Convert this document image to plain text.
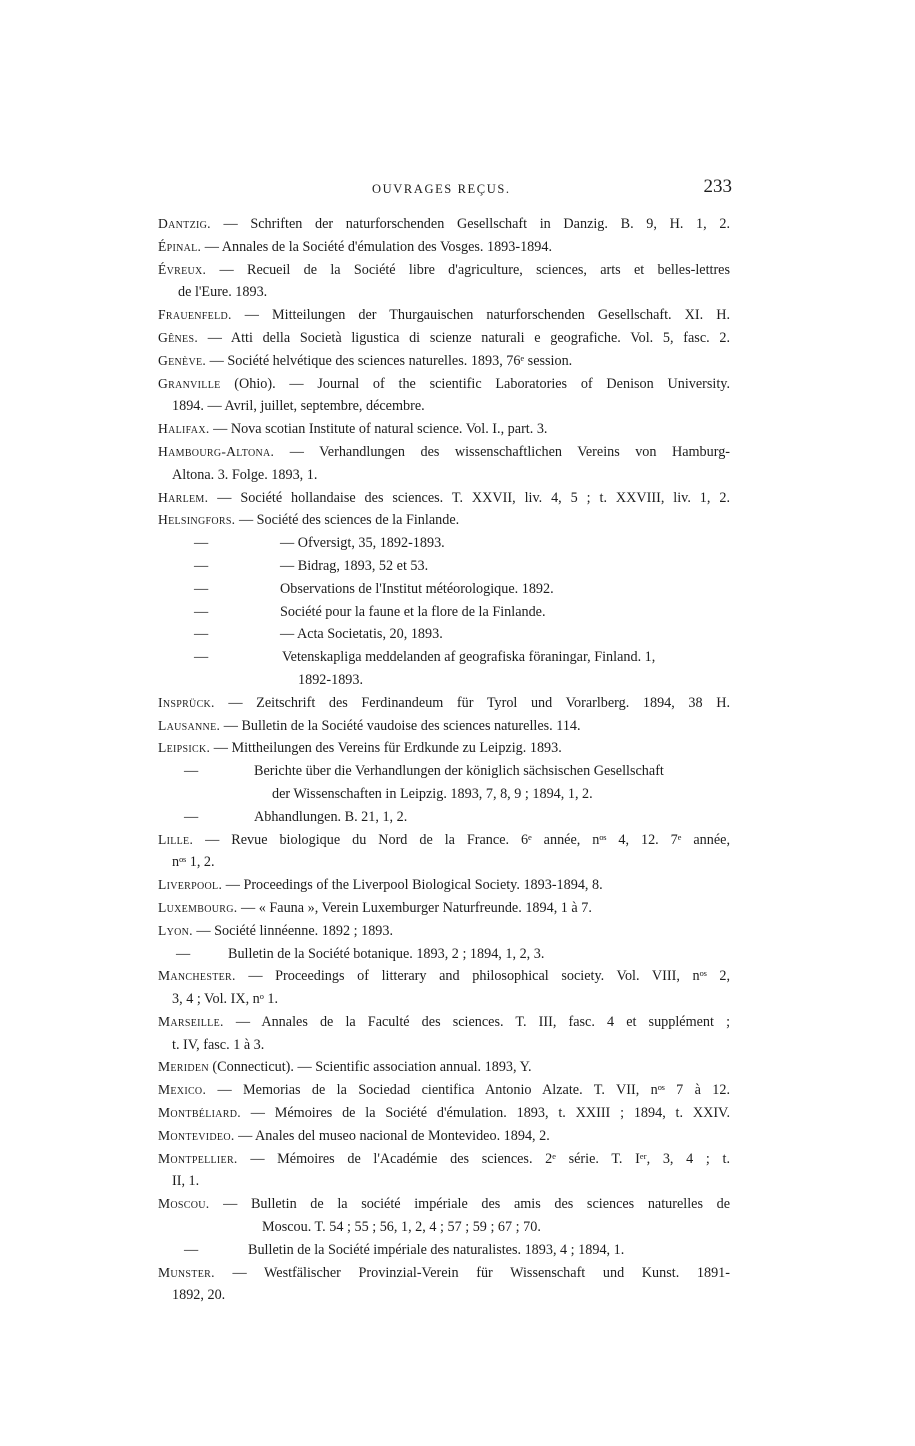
OUVRAGES REÇUS.	233
Dantzig. — Schriften der naturforschenden Gesellschaft in Danzig. B. 9, H. 1, 2.
Épinal. — Annales de la Société d'émulation des Vosges. 1893-1894.
Évreux. — Recueil de la Société libre d'agriculture, sciences, arts et belles-lettres
de l'Eure. 1893.
Frauenfeld. — Mitteilungen der Thurgauischen naturforschenden Gesellschaft. XI. H.
Gênes. — Atti della Società ligustica di scienze naturali e geografiche. Vol. 5, fasc. 2.
Genève. — Société helvétique des sciences naturelles. 1893, 76ᵉ session.
Granville (Ohio). — Journal of the scientific Laboratories of Denison University.
1894. — Avril, juillet, septembre, décembre.
Halifax. — Nova scotian Institute of natural science. Vol. I., part. 3.
Hambourg-Altona. — Verhandlungen des wissenschaftlichen Vereins von Hamburg-
Altona. 3. Folge. 1893, 1.
Harlem. — Société hollandaise des sciences. T. XXVII, liv. 4, 5 ; t. XXVIII, liv. 1, 2.
Helsingfors. — Société des sciences de la Finlande.
—	— Ofversigt, 35, 1892-1893.
—	— Bidrag, 1893, 52 et 53.
—	Observations de l'Institut météorologique. 1892.
—	Société pour la faune et la flore de la Finlande.
—	— Acta Societatis, 20, 1893.
—	Vetenskapliga meddelanden af geografiska föraningar, Finland. 1,
1892-1893.
Insprück. — Zeitschrift des Ferdinandeum für Tyrol und Vorarlberg. 1894, 38 H.
Lausanne. — Bulletin de la Société vaudoise des sciences naturelles. 114.
Leipsick. — Mittheilungen des Vereins für Erdkunde zu Leipzig. 1893.
—	Berichte über die Verhandlungen der königlich sächsischen Gesellschaft
der Wissenschaften in Leipzig. 1893, 7, 8, 9 ; 1894, 1, 2.
—	Abhandlungen. B. 21, 1, 2.
Lille. — Revue biologique du Nord de la France. 6ᵉ année, nᵒˢ 4, 12. 7ᵉ année,
nᵒˢ 1, 2.
Liverpool. — Proceedings of the Liverpool Biological Society. 1893-1894, 8.
Luxembourg. — « Fauna », Verein Luxemburger Naturfreunde. 1894, 1 à 7.
Lyon. — Société linnéenne. 1892 ; 1893.
—	Bulletin de la Société botanique. 1893, 2 ; 1894, 1, 2, 3.
Manchester. — Proceedings of litterary and philosophical society. Vol. VIII, nᵒˢ 2,
3, 4 ; Vol. IX, nᵒ 1.
Marseille. — Annales de la Faculté des sciences. T. III, fasc. 4 et supplément ;
t. IV, fasc. 1 à 3.
Meriden (Connecticut). — Scientific association annual. 1893, Y.
Mexico. — Memorias de la Sociedad cientifica Antonio Alzate. T. VII, nᵒˢ 7 à 12.
Montbéliard. — Mémoires de la Société d'émulation. 1893, t. XXIII ; 1894, t. XXIV.
Montevideo. — Anales del museo nacional de Montevideo. 1894, 2.
Montpellier. — Mémoires de l'Académie des sciences. 2ᵉ série. T. Iᵉʳ, 3, 4 ; t.
II, 1.
Moscou. — Bulletin de la société impériale des amis des sciences naturelles de
Moscou. T. 54 ; 55 ; 56, 1, 2, 4 ; 57 ; 59 ; 67 ; 70.
—	Bulletin de la Société impériale des naturalistes. 1893, 4 ; 1894, 1.
Munster. — Westfälischer Provinzial-Verein für Wissenschaft und Kunst. 1891-
1892, 20.
